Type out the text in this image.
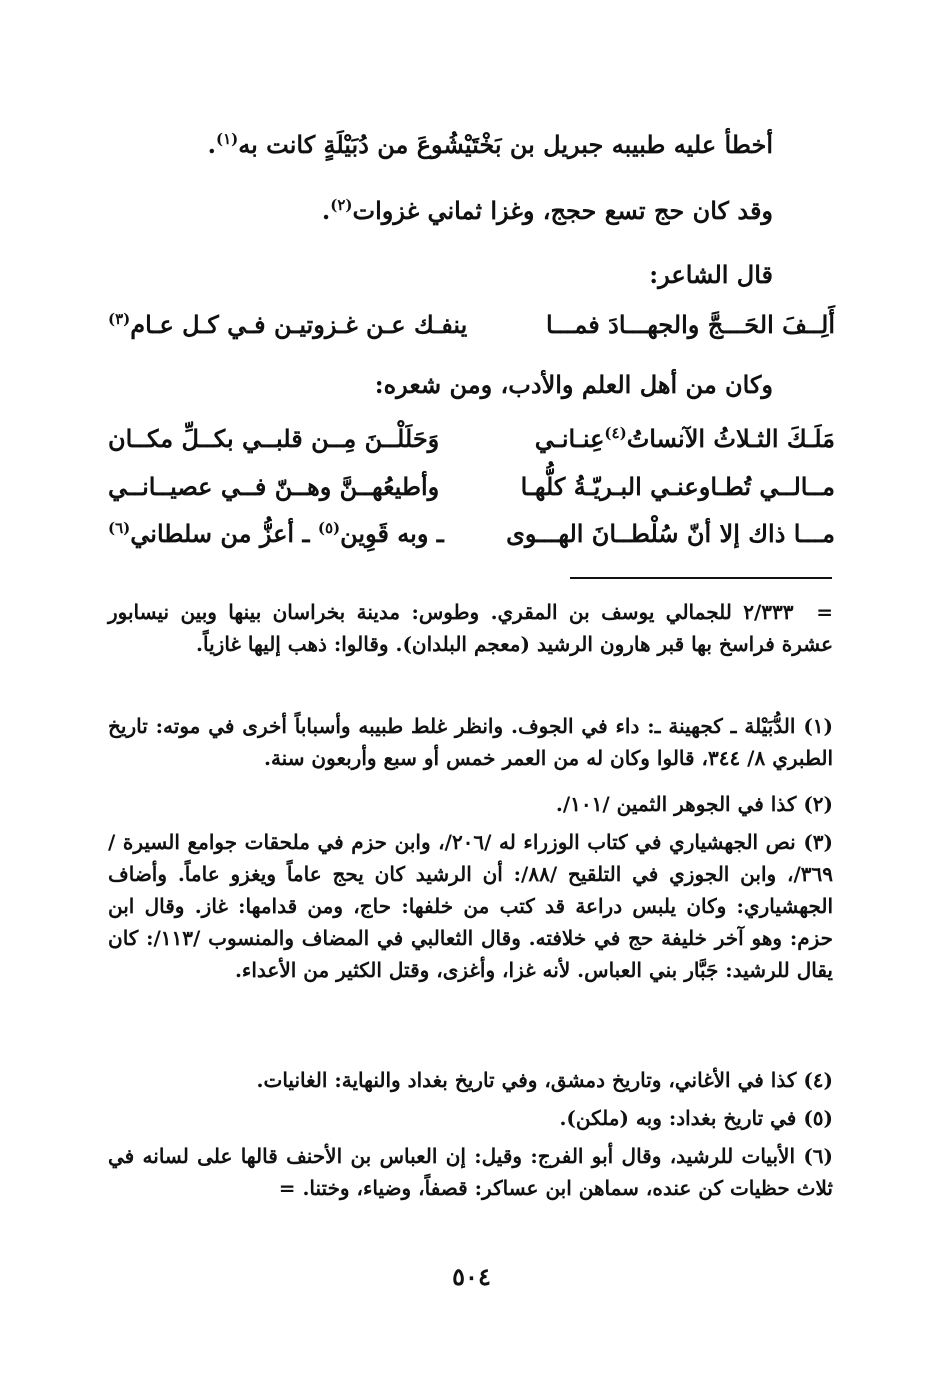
أخطأ عليه طبيبه جبريل بن بَخْتَيْشُوعَ من دُبَيْلَةٍ كانت به$^{(١)}$.
وقد كان حج تسع حجج، وغزا ثماني غزوات$^{(٢)}$.
قال الشاعر:
أَلِــفَ الحَـــجَّ والجهـــادَ فمـــا
ينفـك عـن غـزوتيـن فـي كـل عـام$^{(٣)}$
وكان من أهل العلم والأدب، ومن شعره:
مَلَـكَ الثـلاثُ الآنساتُ$^{(٤)}$عِنـانـي
وَحَلَلْــنَ مِــن قلبــي بكــلِّ مكــان
مــالــي تُطـاوعنـي البـريّـةُ كلُّهـا
وأطيعُهــنَّ وهــنّ فــي عصيــانــي
مـــا ذاك إلا أنّ سُلْطــانَ الهـــوى
ـ وبه قَوِين$^{(٥)}$ ـ أعزُّ من سلطاني$^{(٦)}$
=  ٢/٣٣٣ للجمالي يوسف بن المقري. وطوس: مدينة بخراسان بينها وبين نيسابور عشرة فراسخ بها قبر هارون الرشيد (معجم البلدان). وقالوا: ذهب إليها غازياً.
(١) الدُّبَيْلة ـ كجهينة ـ: داء في الجوف. وانظر غلط طبيبه وأسباباً أخرى في موته: تاريخ الطبري ٨/ ٣٤٤، قالوا وكان له من العمر خمس أو سبع وأربعون سنة.
(٢) كذا في الجوهر الثمين /١٠١/.
(٣) نص الجهشياري في كتاب الوزراء له /٢٠٦/، وابن حزم في ملحقات جوامع السيرة /٣٦٩/، وابن الجوزي في التلقيح /٨٨/: أن الرشيد كان يحج عاماً ويغزو عاماً. وأضاف الجهشياري: وكان يلبس دراعة قد كتب من خلفها: حاج، ومن قدامها: غاز. وقال ابن حزم: وهو آخر خليفة حج في خلافته. وقال الثعالبي في المضاف والمنسوب /١١٣/: كان يقال للرشيد: جَبَّار بني العباس. لأنه غزا، وأغزى، وقتل الكثير من الأعداء.
(٤) كذا في الأغاني، وتاريخ دمشق، وفي تاريخ بغداد والنهاية: الغانيات.
(٥) في تاريخ بغداد: وبه (ملكن).
(٦) الأبيات للرشيد، وقال أبو الفرج: وقيل: إن العباس بن الأحنف قالها على لسانه في ثلاث حظيات كن عنده، سماهن ابن عساكر: قصفاً، وضياء، وختنا. =
٥٠٤
